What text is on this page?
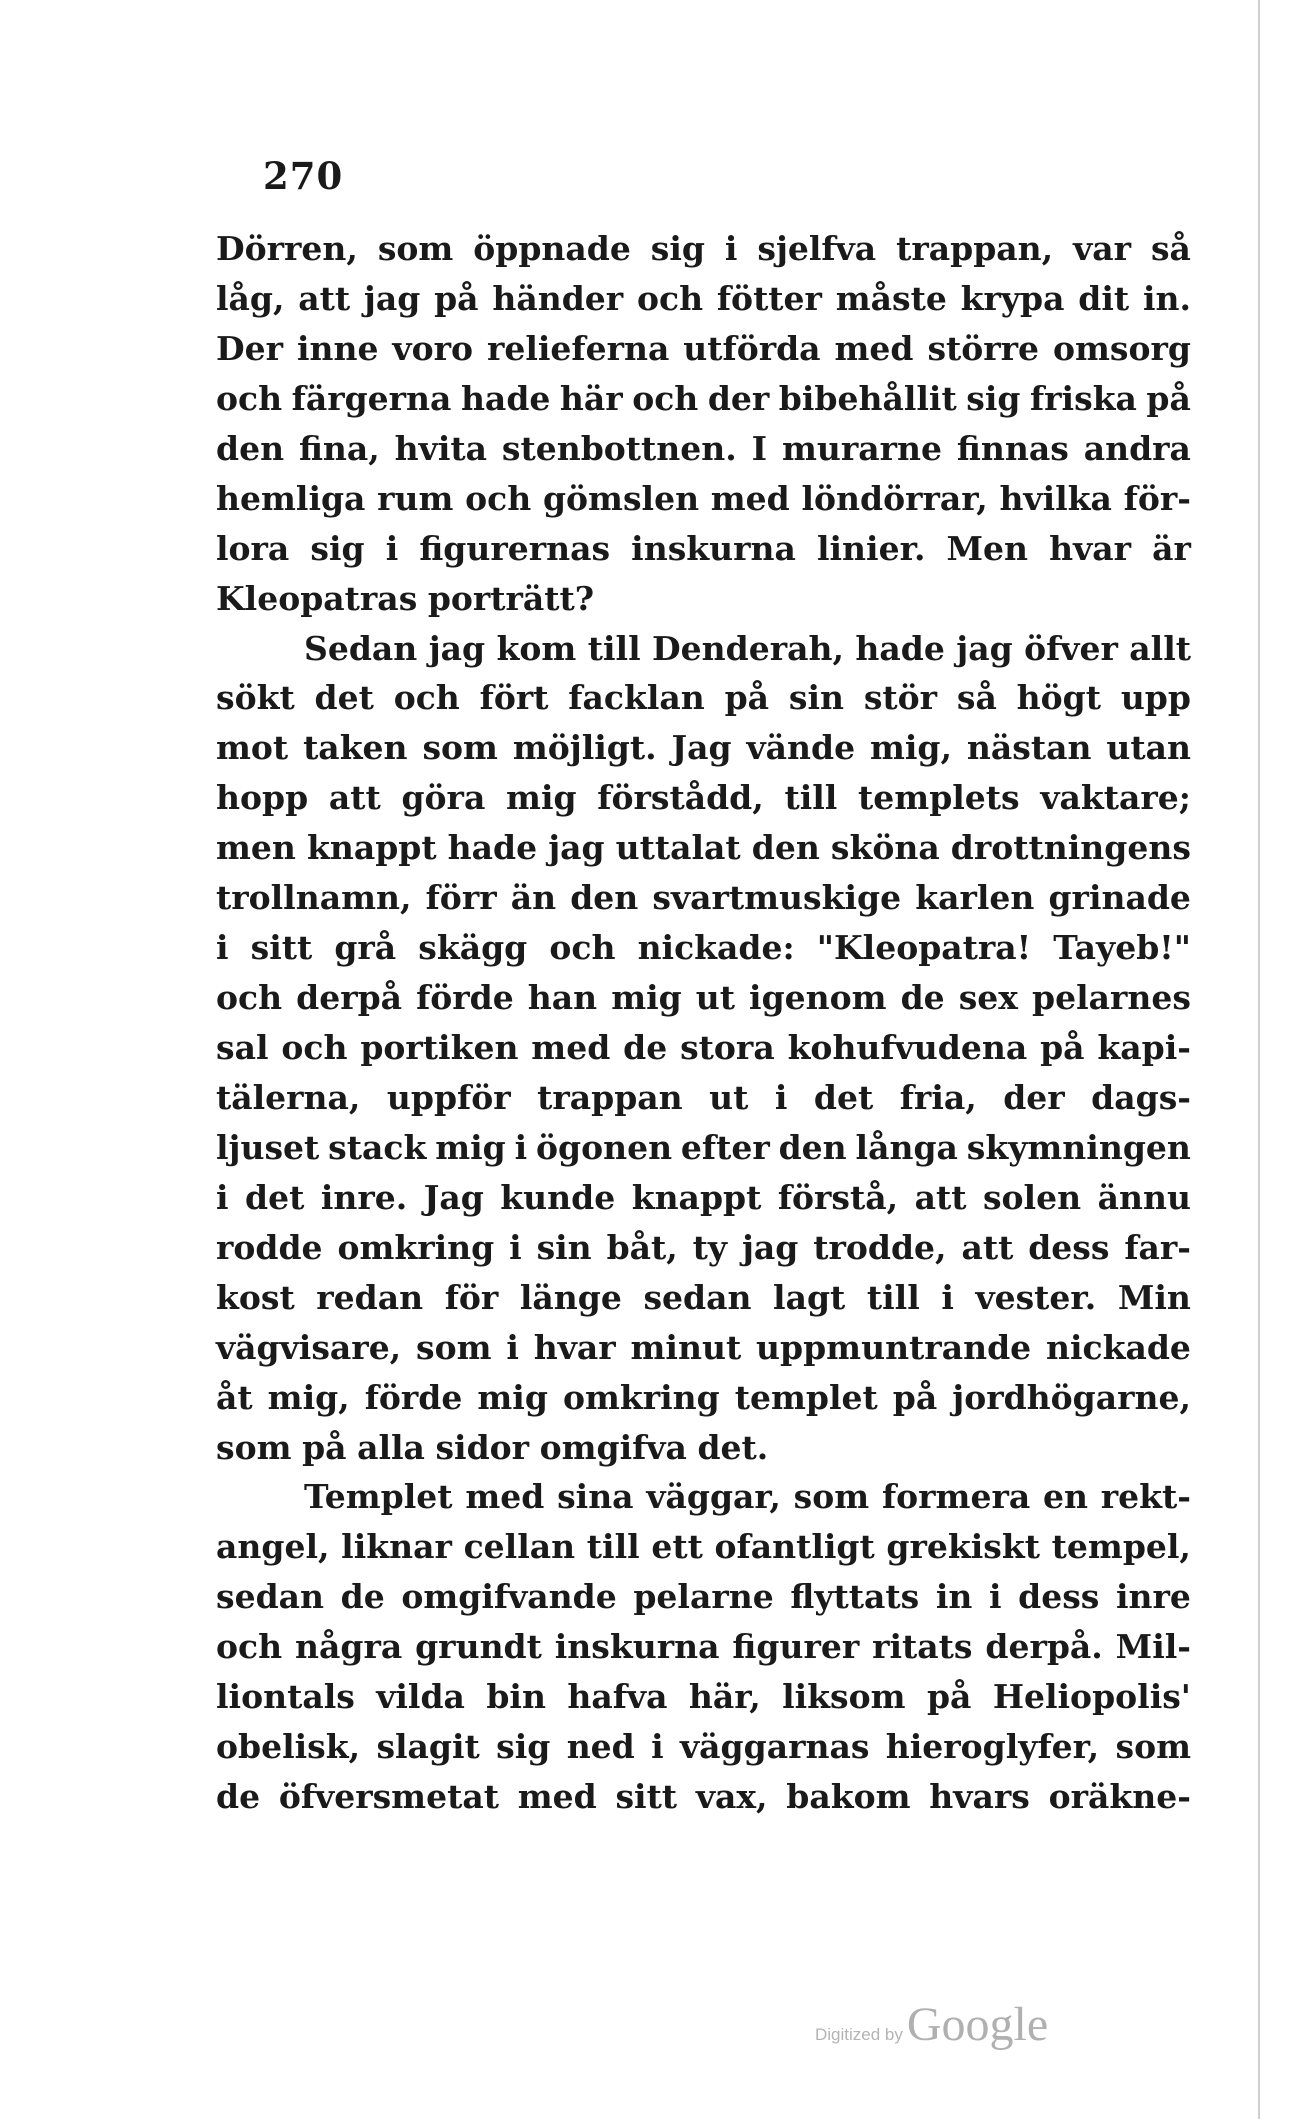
270
Dörren, som öppnade sig i sjelfva trappan, var så
låg, att jag på händer och fötter måste krypa dit in.
Der inne voro relieferna utförda med större omsorg
och färgerna hade här och der bibehållit sig friska på
den fina, hvita stenbottnen. I murarne finnas andra
hemliga rum och gömslen med löndörrar, hvilka för-
lora sig i figurernas inskurna linier. Men hvar är
Kleopatras porträtt?
Sedan jag kom till Denderah, hade jag öfver allt
sökt det och fört facklan på sin stör så högt upp
mot taken som möjligt. Jag vände mig, nästan utan
hopp att göra mig förstådd, till templets vaktare;
men knappt hade jag uttalat den sköna drottningens
trollnamn, förr än den svartmuskige karlen grinade
i sitt grå skägg och nickade: "Kleopatra! Tayeb!"
och derpå förde han mig ut igenom de sex pelarnes
sal och portiken med de stora kohufvudena på kapi-
tälerna, uppför trappan ut i det fria, der dags-
ljuset stack mig i ögonen efter den långa skymningen
i det inre. Jag kunde knappt förstå, att solen ännu
rodde omkring i sin båt, ty jag trodde, att dess far-
kost redan för länge sedan lagt till i vester. Min
vägvisare, som i hvar minut uppmuntrande nickade
åt mig, förde mig omkring templet på jordhögarne,
som på alla sidor omgifva det.
Templet med sina väggar, som formera en rekt-
angel, liknar cellan till ett ofantligt grekiskt tempel,
sedan de omgifvande pelarne flyttats in i dess inre
och några grundt inskurna figurer ritats derpå. Mil-
liontals vilda bin hafva här, liksom på Heliopolis'
obelisk, slagit sig ned i väggarnas hieroglyfer, som
de öfversmetat med sitt vax, bakom hvars oräkne-
Digitized by Google
